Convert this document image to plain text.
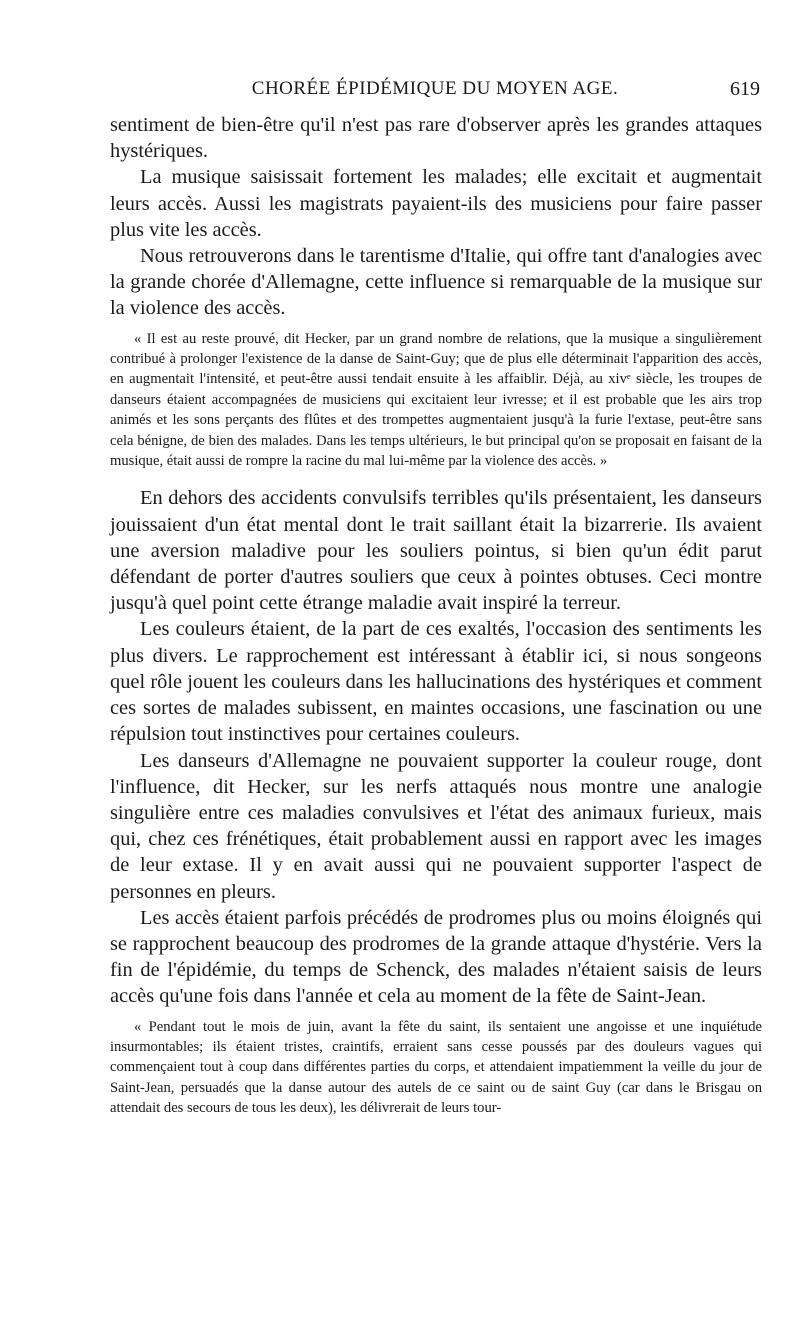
CHORÉE ÉPIDÉMIQUE DU MOYEN AGE.	619

sentiment de bien-être qu'il n'est pas rare d'observer après les grandes attaques hystériques.

La musique saisissait fortement les malades; elle excitait et augmentait leurs accès. Aussi les magistrats payaient-ils des musiciens pour faire passer plus vite les accès.

Nous retrouverons dans le tarentisme d'Italie, qui offre tant d'analogies avec la grande chorée d'Allemagne, cette influence si remarquable de la musique sur la violence des accès.

« Il est au reste prouvé, dit Hecker, par un grand nombre de relations, que la musique a singulièrement contribué à prolonger l'existence de la danse de Saint-Guy; que de plus elle déterminait l'apparition des accès, en augmentait l'intensité, et peut-être aussi tendait ensuite à les affaiblir. Déjà, au xivᵉ siècle, les troupes de danseurs étaient accompagnées de musiciens qui excitaient leur ivresse; et il est probable que les airs trop animés et les sons perçants des flûtes et des trompettes augmentaient jusqu'à la furie l'extase, peut-être sans cela bénigne, de bien des malades. Dans les temps ultérieurs, le but principal qu'on se proposait en faisant de la musique, était aussi de rompre la racine du mal lui-même par la violence des accès. »

En dehors des accidents convulsifs terribles qu'ils présentaient, les danseurs jouissaient d'un état mental dont le trait saillant était la bizarrerie. Ils avaient une aversion maladive pour les souliers pointus, si bien qu'un édit parut défendant de porter d'autres souliers que ceux à pointes obtuses. Ceci montre jusqu'à quel point cette étrange maladie avait inspiré la terreur.

Les couleurs étaient, de la part de ces exaltés, l'occasion des sentiments les plus divers. Le rapprochement est intéressant à établir ici, si nous songeons quel rôle jouent les couleurs dans les hallucinations des hystériques et comment ces sortes de malades subissent, en maintes occasions, une fascination ou une répulsion tout instinctives pour certaines couleurs.

Les danseurs d'Allemagne ne pouvaient supporter la couleur rouge, dont l'influence, dit Hecker, sur les nerfs attaqués nous montre une analogie singulière entre ces maladies convulsives et l'état des animaux furieux, mais qui, chez ces frénétiques, était probablement aussi en rapport avec les images de leur extase. Il y en avait aussi qui ne pouvaient supporter l'aspect de personnes en pleurs.

Les accès étaient parfois précédés de prodromes plus ou moins éloignés qui se rapprochent beaucoup des prodromes de la grande attaque d'hystérie. Vers la fin de l'épidémie, du temps de Schenck, des malades n'étaient saisis de leurs accès qu'une fois dans l'année et cela au moment de la fête de Saint-Jean.

« Pendant tout le mois de juin, avant la fête du saint, ils sentaient une angoisse et une inquiétude insurmontables; ils étaient tristes, craintifs, erraient sans cesse poussés par des douleurs vagues qui commençaient tout à coup dans différentes parties du corps, et attendaient impatiemment la veille du jour de Saint-Jean, persuadés que la danse autour des autels de ce saint ou de saint Guy (car dans le Brisgau on attendait des secours de tous les deux), les délivrerait de leurs tour-
